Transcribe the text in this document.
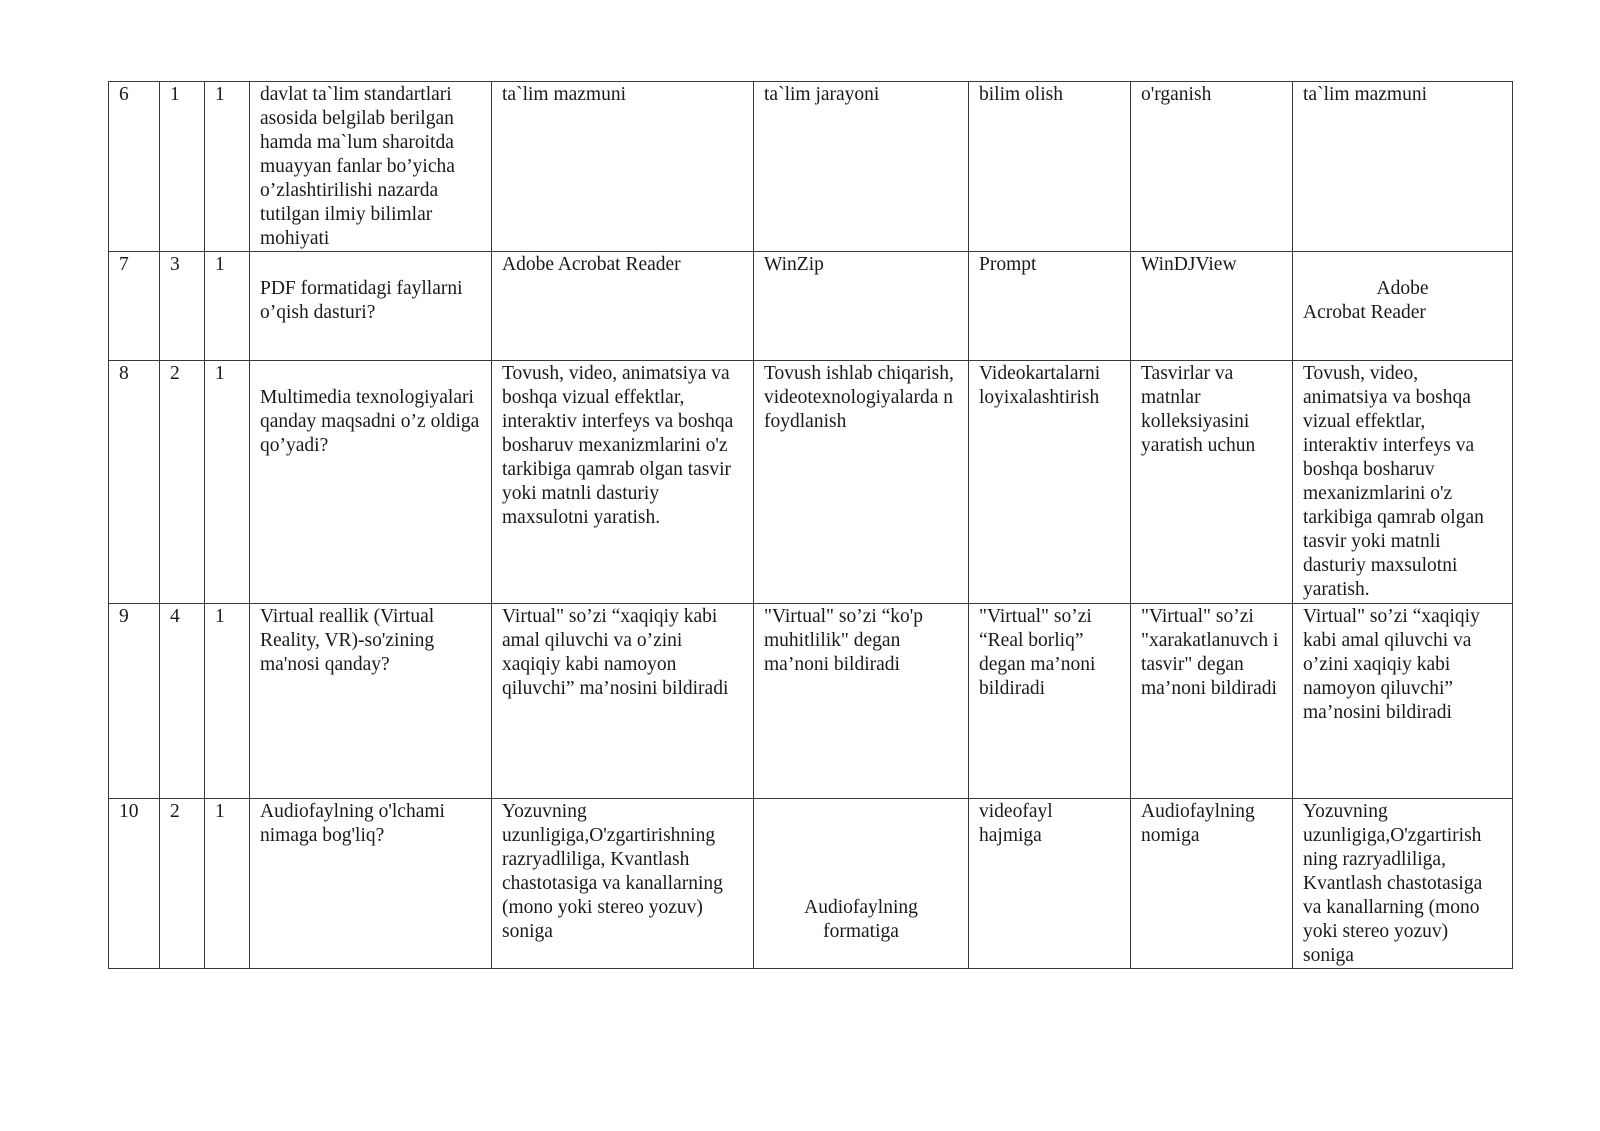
6	1	1	davlat ta`lim standartlari asosida belgilab berilgan hamda ma`lum sharoitda muayyan fanlar bo’yicha o’zlashtirilishi nazarda tutilgan ilmiy bilimlar mohiyati	ta`lim mazmuni	ta`lim jarayoni	bilim olish	o'rganish	ta`lim mazmuni

7	3	1	PDF formatidagi fayllarni o’qish dasturi?	Adobe Acrobat Reader	WinZip	Prompt	WinDJView	Adobe
Acrobat Reader

8	2	1	Multimedia texnologiyalari qanday maqsadni o’z oldiga qo’yadi?	Tovush, video, animatsiya va boshqa vizual effektlar, interaktiv interfeys va boshqa bosharuv mexanizmlarini o'z tarkibiga qamrab olgan tasvir yoki matnli dasturiy maxsulotni yaratish.	Tovush ishlab chiqarish, videotexnologiyalarda n foydlanish	Videokartalarni loyixalashtirish	Tasvirlar va matnlar kolleksiyasini yaratish uchun	Tovush, video, animatsiya va boshqa vizual effektlar, interaktiv interfeys va boshqa bosharuv mexanizmlarini o'z tarkibiga qamrab olgan tasvir yoki matnli dasturiy maxsulotni yaratish.

9	4	1	Virtual reallik (Virtual Reality, VR)-so'zining ma'nosi qanday?	Virtual" so’zi “xaqiqiy kabi amal qiluvchi va o’zini xaqiqiy kabi namoyon qiluvchi” ma’nosini bildiradi	"Virtual" so’zi “ko'p muhitlilik" degan ma’noni bildiradi	"Virtual" so’zi “Real borliq” degan ma’noni bildiradi	"Virtual" so’zi "xarakatlanuvch i tasvir" degan ma’noni bildiradi	Virtual" so’zi “xaqiqiy kabi amal qiluvchi va o’zini xaqiqiy kabi namoyon qiluvchi” ma’nosini bildiradi

10	2	1	Audiofaylning o'lchami nimaga bog'liq?	Yozuvning uzunligiga,O'zgartirishning razryadliliga, Kvantlash chastotasiga va kanallarning (mono yoki stereo yozuv) soniga	Audiofaylning
formatiga	videofayl hajmiga	Audiofaylning nomiga	Yozuvning uzunligiga,O'zgartirish ning razryadliliga, Kvantlash chastotasiga va kanallarning (mono yoki stereo yozuv) soniga
